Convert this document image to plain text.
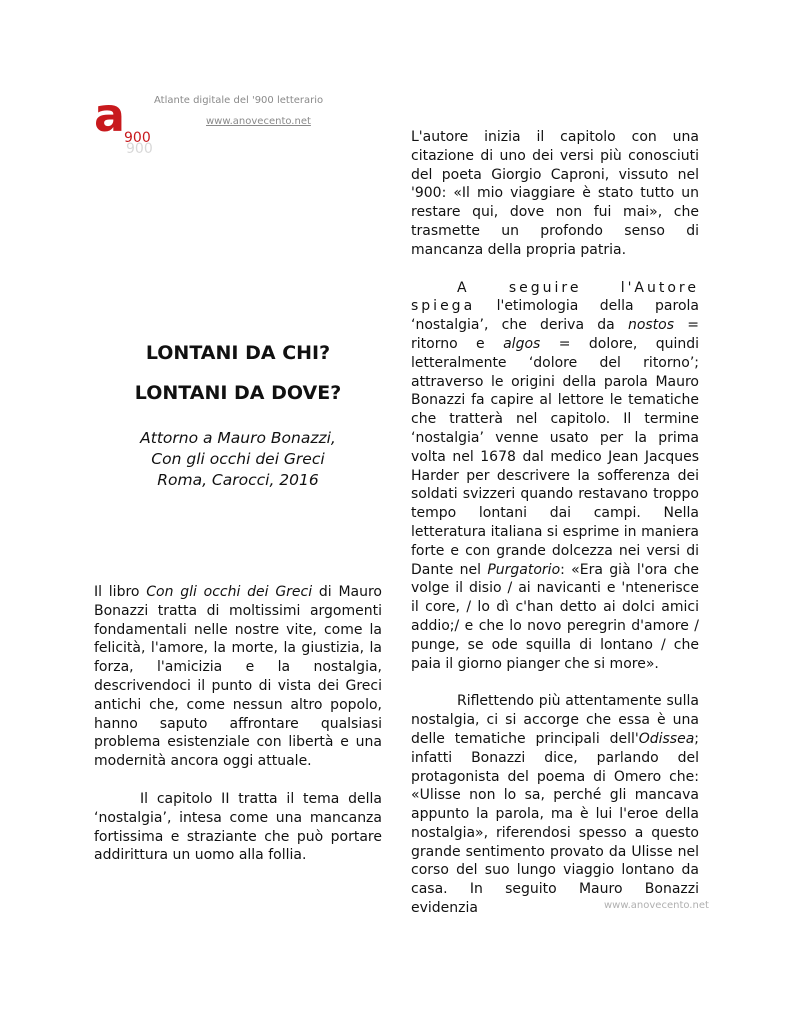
Atlante digitale del '900 letterario
a
900
900
www.anovecento.net
LONTANI DA CHI?
LONTANI DA DOVE?
Attorno a Mauro Bonazzi,
Con gli occhi dei Greci
Roma, Carocci, 2016

Il libro Con gli occhi dei Greci di Mauro Bonazzi tratta di moltissimi argomenti fondamentali nelle nostre vite, come la felicità, l'amore, la morte, la giustizia, la forza, l'amicizia e la nostalgia, descrivendoci il punto di vista dei Greci antichi che, come nessun altro popolo, hanno saputo affrontare qualsiasi problema esistenziale con libertà e una modernità ancora oggi attuale.

Il capitolo II tratta il tema della ‘nostalgia’, intesa come una mancanza fortissima e straziante che può portare addirittura un uomo alla follia.

L'autore inizia il capitolo con una citazione di uno dei versi più conosciuti del poeta Giorgio Caproni, vissuto nel '900: «Il mio viaggiare è stato tutto un restare qui, dove non fui mai», che trasmette un profondo senso di mancanza della propria patria.

A seguire l'Autore spiega l'etimologia della parola ‘nostalgia’, che deriva da nostos = ritorno e algos = dolore, quindi letteralmente ‘dolore del ritorno’; attraverso le origini della parola Mauro Bonazzi fa capire al lettore le tematiche che tratterà nel capitolo. Il termine ‘nostalgia’ venne usato per la prima volta nel 1678 dal medico Jean Jacques Harder per descrivere la sofferenza dei soldati svizzeri quando restavano troppo tempo lontani dai campi. Nella letteratura italiana si esprime in maniera forte e con grande dolcezza nei versi di Dante nel Purgatorio: «Era già l'ora che volge il disio / ai navicanti e 'ntenerisce il core, / lo dì c'han detto ai dolci amici addio;/ e che lo novo peregrin d'amore / punge, se ode squilla di lontano / che paia il giorno pianger che si more».

Riflettendo più attentamente sulla nostalgia, ci si accorge che essa è una delle tematiche principali dell'Odissea; infatti Bonazzi dice, parlando del protagonista del poema di Omero che: «Ulisse non lo sa, perché gli mancava appunto la parola, ma è lui l'eroe della nostalgia», riferendosi spesso a questo grande sentimento provato da Ulisse nel corso del suo lungo viaggio lontano da casa. In seguito Mauro Bonazzi evidenzia	www.anovecento.net
